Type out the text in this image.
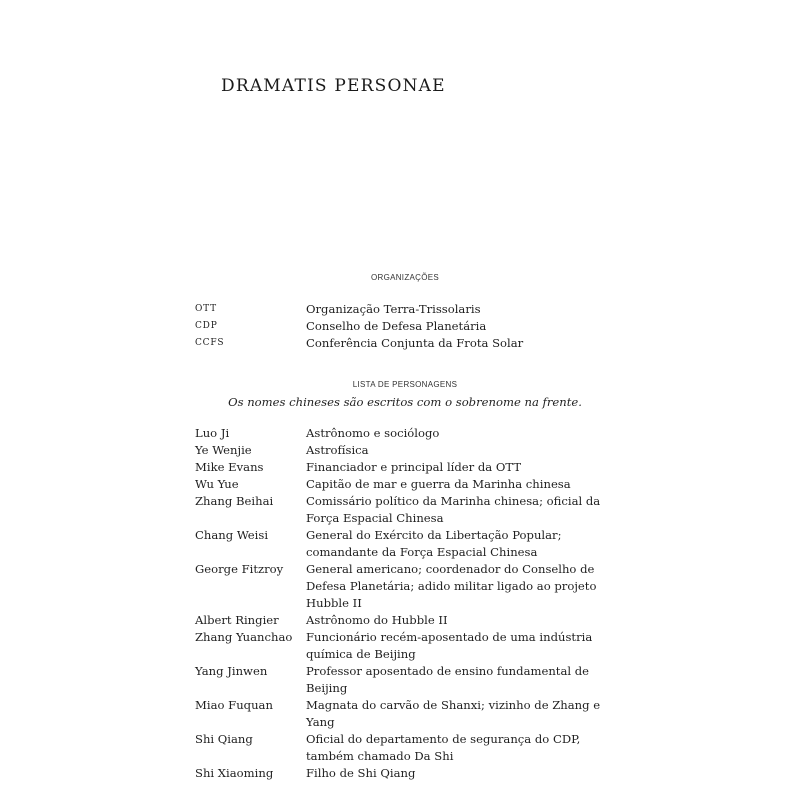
DRAMATIS PERSONAE
ORGANIZAÇÕES
OTT	Organização Terra-Trissolaris
CDP	Conselho de Defesa Planetária
CCFS	Conferência Conjunta da Frota Solar
LISTA DE PERSONAGENS
Os nomes chineses são escritos com o sobrenome na frente.
Luo Ji	Astrônomo e sociólogo
Ye Wenjie	Astrofísica
Mike Evans	Financiador e principal líder da OTT
Wu Yue	Capitão de mar e guerra da Marinha chinesa
Zhang Beihai	Comissário político da Marinha chinesa; oficial da Força Espacial Chinesa
Chang Weisi	General do Exército da Libertação Popular; comandante da Força Espacial Chinesa
George Fitzroy	General americano; coordenador do Conselho de Defesa Planetária; adido militar ligado ao projeto Hubble II
Albert Ringier	Astrônomo do Hubble II
Zhang Yuanchao	Funcionário recém-aposentado de uma indústria química de Beijing
Yang Jinwen	Professor aposentado de ensino fundamental de Beijing
Miao Fuquan	Magnata do carvão de Shanxi; vizinho de Zhang e Yang
Shi Qiang	Oficial do departamento de segurança do CDP, também chamado Da Shi
Shi Xiaoming	Filho de Shi Qiang
